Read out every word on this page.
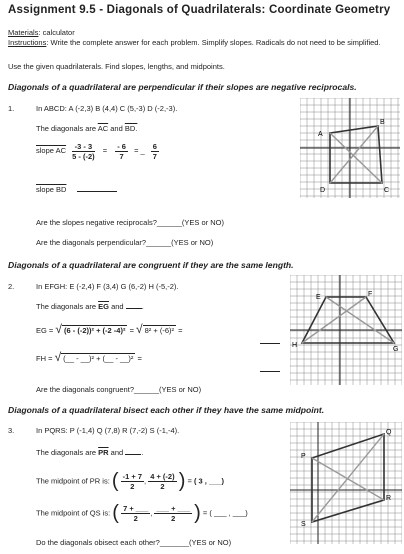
Assignment 9.5 - Diagonals of Quadrilaterals: Coordinate Geometry
Materials: calculator
Instructions: Write the complete answer for each problem. Simplify slopes. Radicals do not need to be simplified.
Use the given quadrilaterals. Find slopes, lengths, and midpoints.
Diagonals of a quadrilateral are perpendicular if their slopes are negative reciprocals.
1.	In ABCD: A (-2,3) B (4,4) C (5,-3) D (-2,-3).
The diagonals are $\overline{AC}$ and BD.
slope AC $\frac{-3 - 3}{5 - (-2)} = \frac{- 6}{7}$ = _ $\frac{6}{7}$
slope BD
Are the slopes negative reciprocals?______(YES or NO)
Are the diagonals perpendicular?______(YES or NO)
A
B
D	C
Diagonals of a quadrilateral are congruent if they are the same length.
2.	In EFGH: E (-2,4) F (3,4) G (6,-2) H (-5,-2).
The diagonals are $\overline{EG}$ and .
EG = √ (6 - (-2))² + (-2 -4)² = √ 8² + (-6)² =
FH = √ (__ - __)² + (__ - __)² =
Are the diagonals congruent?______(YES or NO)
E	F
H
G
Diagonals of a quadrilateral bisect each other if they have the same midpoint.
3.	In PQRS: P (-1,4) Q (7,8) R (7,-2) S (-1,-4).
The diagonals are $\overline{PR}$ and .
The midpoint of PR is: ( $\frac{-1 + 7}{2}$ , $\frac{4 + (-2)}{2}$ ) = ( 3 , ___)
The midpoint of QS is: ( $\frac{7 + \_\_\_}{2}$ , $\frac{\_\_\_ + \_\_\_}{2}$ ) = ( ___ , ___)
Do the diagonals obisect each other?_______(YES or NO)
Q
P
R
S
